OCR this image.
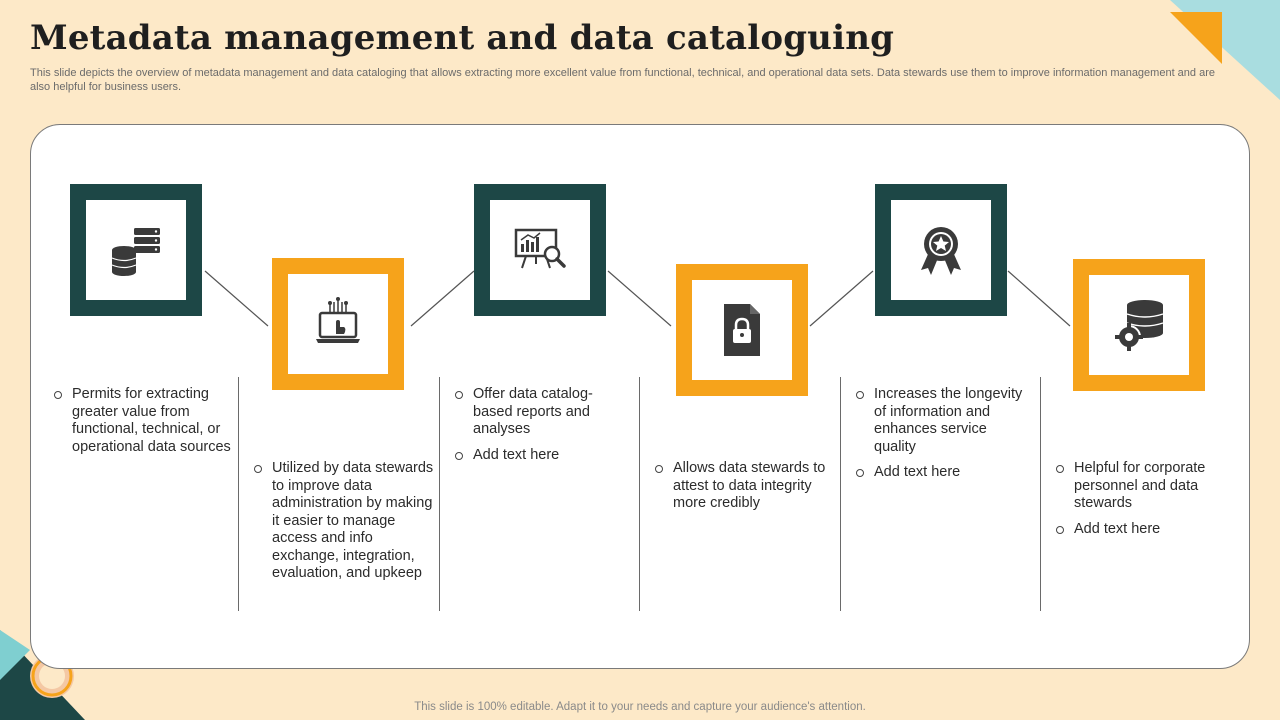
Metadata management and data cataloguing

This slide depicts the overview of metadata management and data cataloging that allows extracting more excellent value from functional, technical, and operational data sets. Data stewards use them to improve information management and are also helpful for business users.

Permits for extracting greater value from functional, technical, or operational data sources
Utilized by data stewards to improve data administration by making it easier to manage access and info exchange, integration, evaluation, and upkeep
Offer data catalog- based reports and analyses
Add text here
Allows data stewards to attest to data integrity more credibly
Increases the longevity of information and enhances service quality
Add text here	Helpful for corporate personnel and data stewards
Add text here

This slide is 100% editable. Adapt it to your needs and capture your audience's attention.
